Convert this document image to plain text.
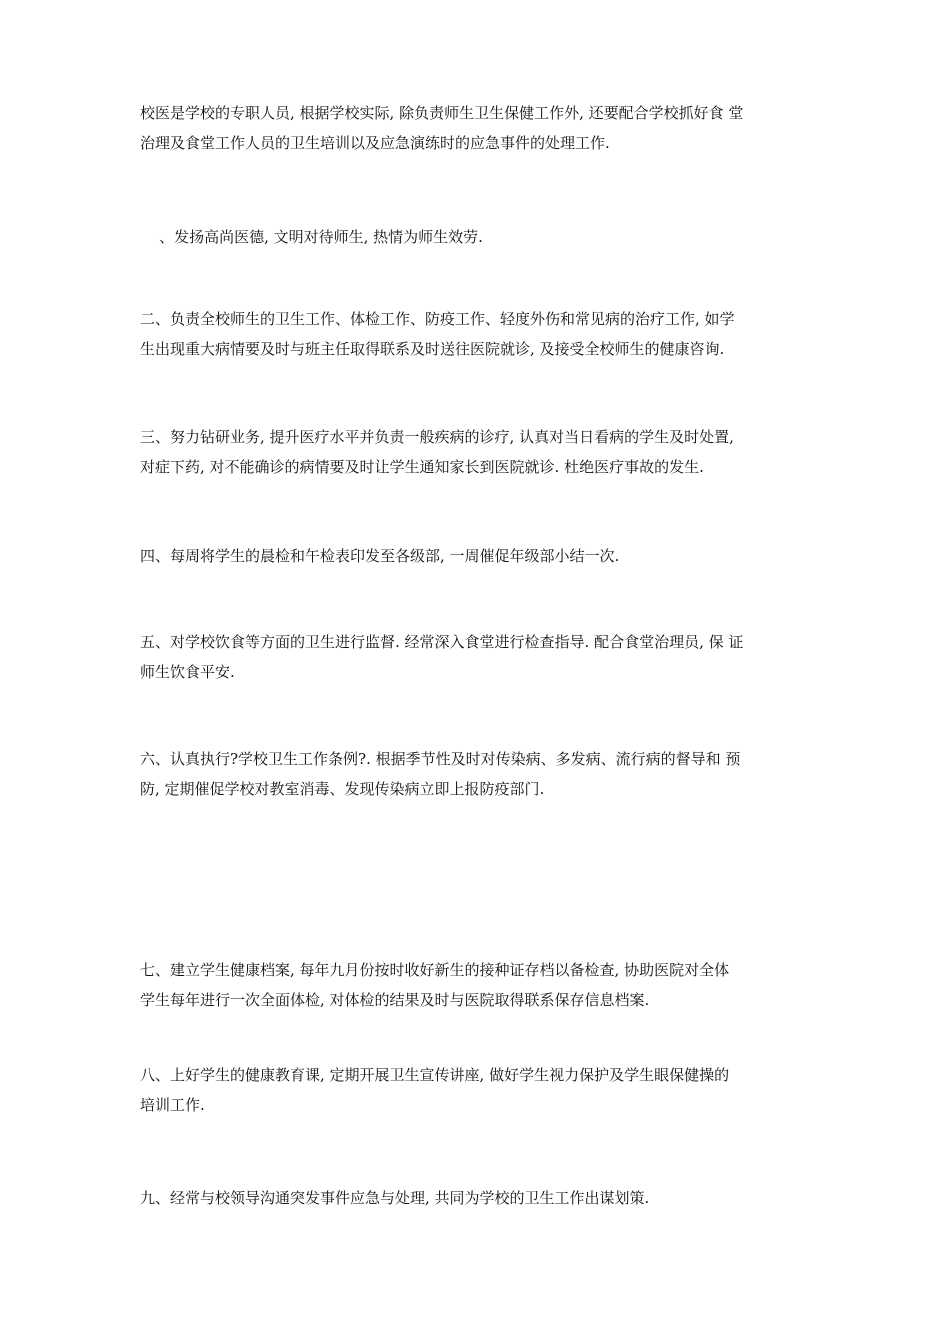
校医是学校的专职人员, 根据学校实际, 除负责师生卫生保健工作外, 还要配合学校抓好食 堂
治理及食堂工作人员的卫生培训以及应急演练时的应急事件的处理工作.

、发扬高尚医德, 文明对待师生, 热情为师生效劳.

二、负责全校师生的卫生工作、体检工作、防疫工作、轻度外伤和常见病的治疗工作, 如学
生出现重大病情要及时与班主任取得联系及时送往医院就诊, 及接受全校师生的健康咨询.

三、努力钻研业务, 提升医疗水平并负责一般疾病的诊疗, 认真对当日看病的学生及时处置,
对症下药, 对不能确诊的病情要及时让学生通知家长到医院就诊. 杜绝医疗事故的发生.

四、每周将学生的晨检和午检表印发至各级部, 一周催促年级部小结一次.

五、对学校饮食等方面的卫生进行监督. 经常深入食堂进行检查指导. 配合食堂治理员, 保 证
师生饮食平安.

六、认真执行?学校卫生工作条例?. 根据季节性及时对传染病、多发病、流行病的督导和 预
防, 定期催促学校对教室消毒、发现传染病立即上报防疫部门.

七、建立学生健康档案, 每年九月份按时收好新生的接种证存档以备检查, 协助医院对全体
学生每年进行一次全面体检, 对体检的结果及时与医院取得联系保存信息档案.

八、上好学生的健康教育课, 定期开展卫生宣传讲座, 做好学生视力保护及学生眼保健操的
培训工作.

九、经常与校领导沟通突发事件应急与处理, 共同为学校的卫生工作出谋划策.
